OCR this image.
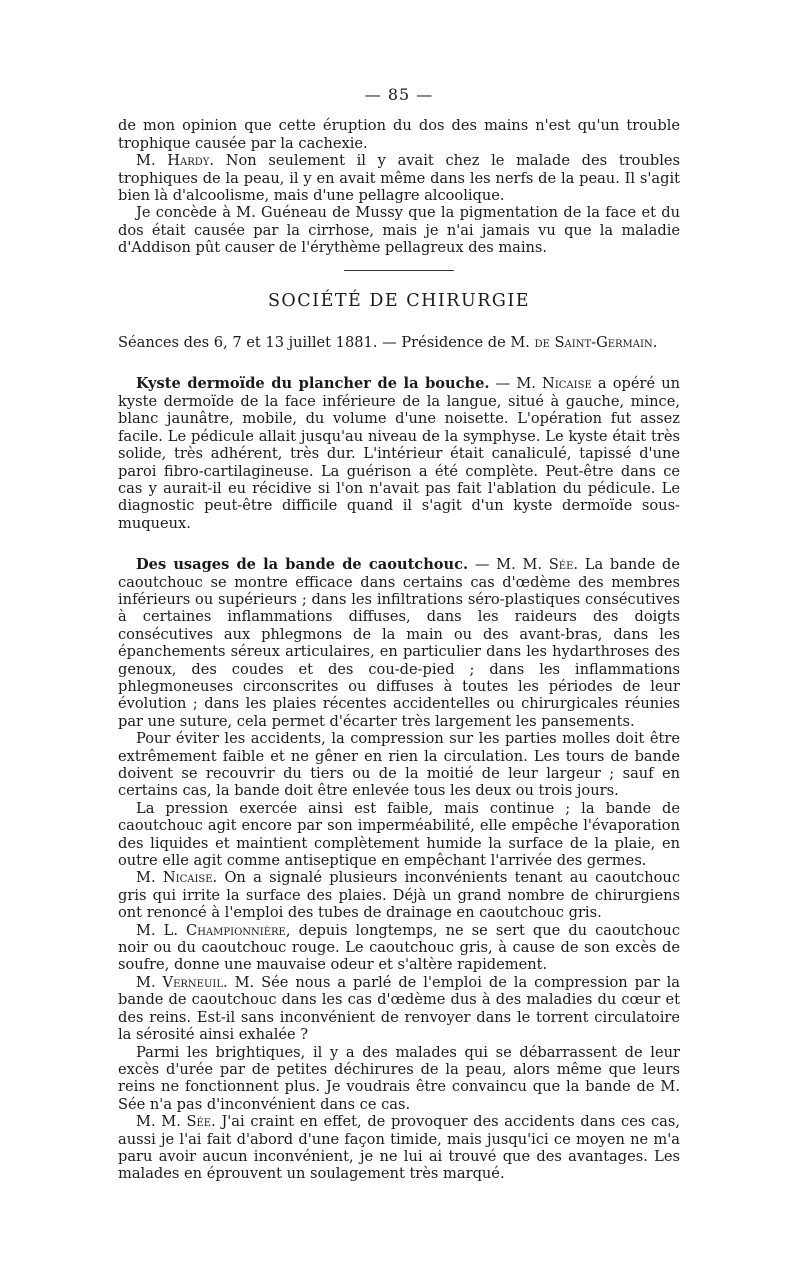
— 85 —

de mon opinion que cette éruption du dos des mains n'est qu'un trouble trophique causée par la cachexie.

M. Hardy. Non seulement il y avait chez le malade des troubles trophiques de la peau, il y en avait même dans les nerfs de la peau. Il s'agit bien là d'alcoolisme, mais d'une pellagre alcoolique.

Je concède à M. Guéneau de Mussy que la pigmentation de la face et du dos était causée par la cirrhose, mais je n'ai jamais vu que la maladie d'Addison pût causer de l'érythème pellagreux des mains.

SOCIÉTÉ DE CHIRURGIE

Séances des 6, 7 et 13 juillet 1881. — Présidence de M. de Saint-Germain.

Kyste dermoïde du plancher de la bouche. — M. Nicaise a opéré un kyste dermoïde de la face inférieure de la langue, situé à gauche, mince, blanc jaunâtre, mobile, du volume d'une noisette. L'opération fut assez facile. Le pédicule allait jusqu'au niveau de la symphyse. Le kyste était très solide, très adhérent, très dur. L'intérieur était canaliculé, tapissé d'une paroi fibro-cartilagineuse. La guérison a été complète. Peut-être dans ce cas y aurait-il eu récidive si l'on n'avait pas fait l'ablation du pédicule. Le diagnostic peut-être difficile quand il s'agit d'un kyste dermoïde sous-muqueux.

Des usages de la bande de caoutchouc. — M. M. Sée. La bande de caoutchouc se montre efficace dans certains cas d'œdème des membres inférieurs ou supérieurs ; dans les infiltrations séro-plastiques consécutives à certaines inflammations diffuses, dans les raideurs des doigts consécutives aux phlegmons de la main ou des avant-bras, dans les épanchements séreux articulaires, en particulier dans les hydarthroses des genoux, des coudes et des cou-de-pied ; dans les inflammations phlegmoneuses circonscrites ou diffuses à toutes les périodes de leur évolution ; dans les plaies récentes accidentelles ou chirurgicales réunies par une suture, cela permet d'écarter très largement les pansements.

Pour éviter les accidents, la compression sur les parties molles doit être extrêmement faible et ne gêner en rien la circulation. Les tours de bande doivent se recouvrir du tiers ou de la moitié de leur largeur ; sauf en certains cas, la bande doit être enlevée tous les deux ou trois jours.

La pression exercée ainsi est faible, mais continue ; la bande de caoutchouc agit encore par son imperméabilité, elle empêche l'évaporation des liquides et maintient complètement humide la surface de la plaie, en outre elle agit comme antiseptique en empêchant l'arrivée des germes.

M. Nicaise. On a signalé plusieurs inconvénients tenant au caoutchouc gris qui irrite la surface des plaies. Déjà un grand nombre de chirurgiens ont renoncé à l'emploi des tubes de drainage en caoutchouc gris.

M. L. Championnière, depuis longtemps, ne se sert que du caoutchouc noir ou du caoutchouc rouge. Le caoutchouc gris, à cause de son excès de soufre, donne une mauvaise odeur et s'altère rapidement.

M. Verneuil. M. Sée nous a parlé de l'emploi de la compression par la bande de caoutchouc dans les cas d'œdème dus à des maladies du cœur et des reins. Est-il sans inconvénient de renvoyer dans le torrent circulatoire la sérosité ainsi exhalée ?

Parmi les brightiques, il y a des malades qui se débarrassent de leur excès d'urée par de petites déchirures de la peau, alors même que leurs reins ne fonctionnent plus. Je voudrais être convaincu que la bande de M. Sée n'a pas d'inconvénient dans ce cas.

M. M. Sée. J'ai craint en effet, de provoquer des accidents dans ces cas, aussi je l'ai fait d'abord d'une façon timide, mais jusqu'ici ce moyen ne m'a paru avoir aucun inconvénient, je ne lui ai trouvé que des avantages. Les malades en éprouvent un soulagement très marqué.
